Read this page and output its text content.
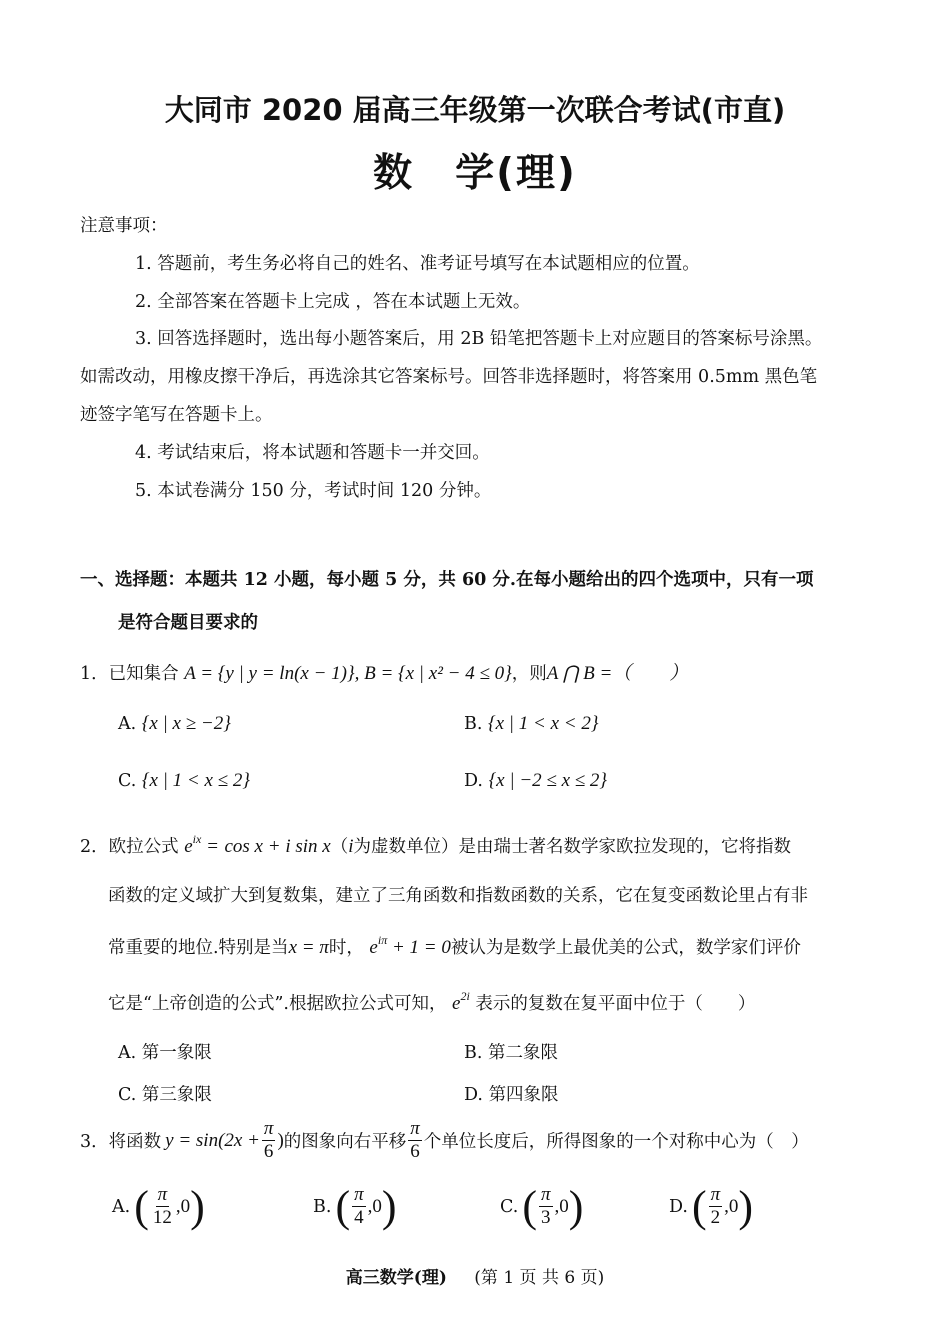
大同市 2020 届高三年级第一次联合考试(市直)
数　学(理)
注意事项：
1. 答题前，考生务必将自己的姓名、准考证号填写在本试题相应的位置。
2. 全部答案在答题卡上完成 ，答在本试题上无效。
3. 回答选择题时，选出每小题答案后，用 2B 铅笔把答题卡上对应题目的答案标号涂黑。
如需改动，用橡皮擦干净后，再选涂其它答案标号。回答非选择题时，将答案用 0.5mm 黑色笔
迹签字笔写在答题卡上。
4. 考试结束后，将本试题和答题卡一并交回。
5. 本试卷满分 150 分，考试时间 120 分钟。
一、选择题：本题共 12 小题，每小题 5 分，共 60 分.在每小题给出的四个选项中，只有一项
是符合题目要求的
1．已知集合 A = {y | y = ln(x − 1)}, B = {x | x² − 4 ≤ 0}，则A ⋂ B =（　　）
A. {x | x ≥ −2}	B. {x | 1 < x < 2}
C. {x | 1 < x ≤ 2}	D. {x | −2 ≤ x ≤ 2}
2．欧拉公式 $e^{ix} = \cos x + i$ sin x（i为虚数单位）是由瑞士著名数学家欧拉发现的，它将指数
函数的定义域扩大到复数集，建立了三角函数和指数函数的关系，它在复变函数论里占有非
常重要的地位.特别是当x = π时， $e^{i\pi} + 1 = 0$被认为是数学上最优美的公式，数学家们评价
它是“上帝创造的公式”.根据欧拉公式可知， $e^{2i}$ 表示的复数在复平面中位于（　　）
A. 第一象限	B. 第二象限
C. 第三象限	D. 第四象限
3． 将函数 $y = \sin(2x + \frac{\pi}{6}$ ) 的图象向右平移 $\frac{\pi}{6}$ 个单位长度后，所得图象的一个对称中心为（　）
A. ( $\frac{\pi}{12} ,0$ )	B. ( $\frac{\pi}{4} ,0$ )	C. ( $\frac{\pi}{3} ,0$ )	D. ( $\frac{\pi}{2} ,0$ )
高三数学(理) (第 1 页 共 6 页)
